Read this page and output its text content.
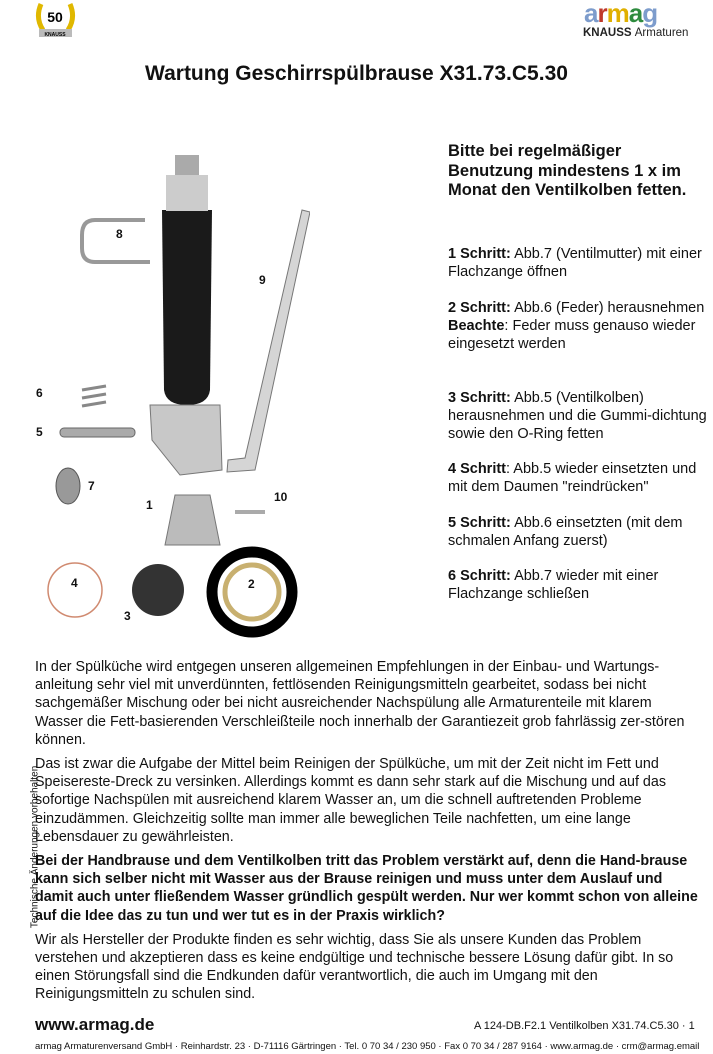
50
KNAUSS
armag
KNAUSS Armaturen
Wartung Geschirrspülbrause X31.73.C5.30
8
9
6
5
7
1
10
4
3
2
Bitte bei regelmäßiger Benutzung mindestens 1 x im Monat den Ventilkolben fetten.
1 Schritt: Abb.7 (Ventilmutter) mit einer Flachzange öffnen
2 Schritt: Abb.6 (Feder) herausnehmen
Beachte: Feder muss genauso wieder eingesetzt werden
3 Schritt: Abb.5 (Ventilkolben) herausnehmen und die Gummi-dichtung sowie den O-Ring fetten
4 Schritt: Abb.5 wieder einsetzten und mit dem Daumen "reindrücken"
5 Schritt: Abb.6 einsetzten (mit dem schmalen Anfang zuerst)
6 Schritt: Abb.7 wieder mit einer Flachzange schließen

In der Spülküche wird entgegen unseren allgemeinen Empfehlungen in der Einbau- und Wartungs-anleitung sehr viel mit unverdünnten, fettlösenden Reinigungsmitteln gearbeitet, sodass bei nicht sachgemäßer Mischung oder bei nicht ausreichender Nachspülung alle Armaturenteile mit klarem Wasser die Fett-basierenden Verschleißteile noch innerhalb der Garantiezeit grob fahrlässig zer-stören können.

Das ist zwar die Aufgabe der Mittel beim Reinigen der Spülküche, um mit der Zeit nicht im Fett und Speisereste-Dreck zu versinken. Allerdings kommt es dann sehr stark auf die Mischung und auf das sofortige Nachspülen mit ausreichend klarem Wasser an, um die schnell auftretenden Probleme einzudämmen. Gleichzeitig sollte man immer alle beweglichen Teile nachfetten, um eine lange Lebensdauer zu gewährleisten.

Bei der Handbrause und dem Ventilkolben tritt das Problem verstärkt auf, denn die Hand-brause kann sich selber nicht mit Wasser aus der Brause reinigen und muss unter dem Auslauf und damit auch unter fließendem Wasser gründlich gespült werden. Nur wer kommt schon von alleine auf die Idee das zu tun und wer tut es in der Praxis wirklich?

Wir als Hersteller der Produkte finden es sehr wichtig, dass Sie als unsere Kunden das Problem verstehen und akzeptieren dass es keine endgültige und technische bessere Lösung dafür gibt. In so einen Störungsfall sind die Endkunden dafür verantwortlich, die auch im Umgang mit den Reinigungsmitteln zu schulen sind.

Technische Änderungen vorbehalten.
www.armag.de	A 124-DB.F2.1 Ventilkolben X31.74.C5.30 · 1
armag Armaturenversand GmbH · Reinhardstr. 23 · D-71116 Gärtringen · Tel. 0 70 34 / 230 950 · Fax 0 70 34 / 287 9164 · www.armag.de · crm@armag.email
